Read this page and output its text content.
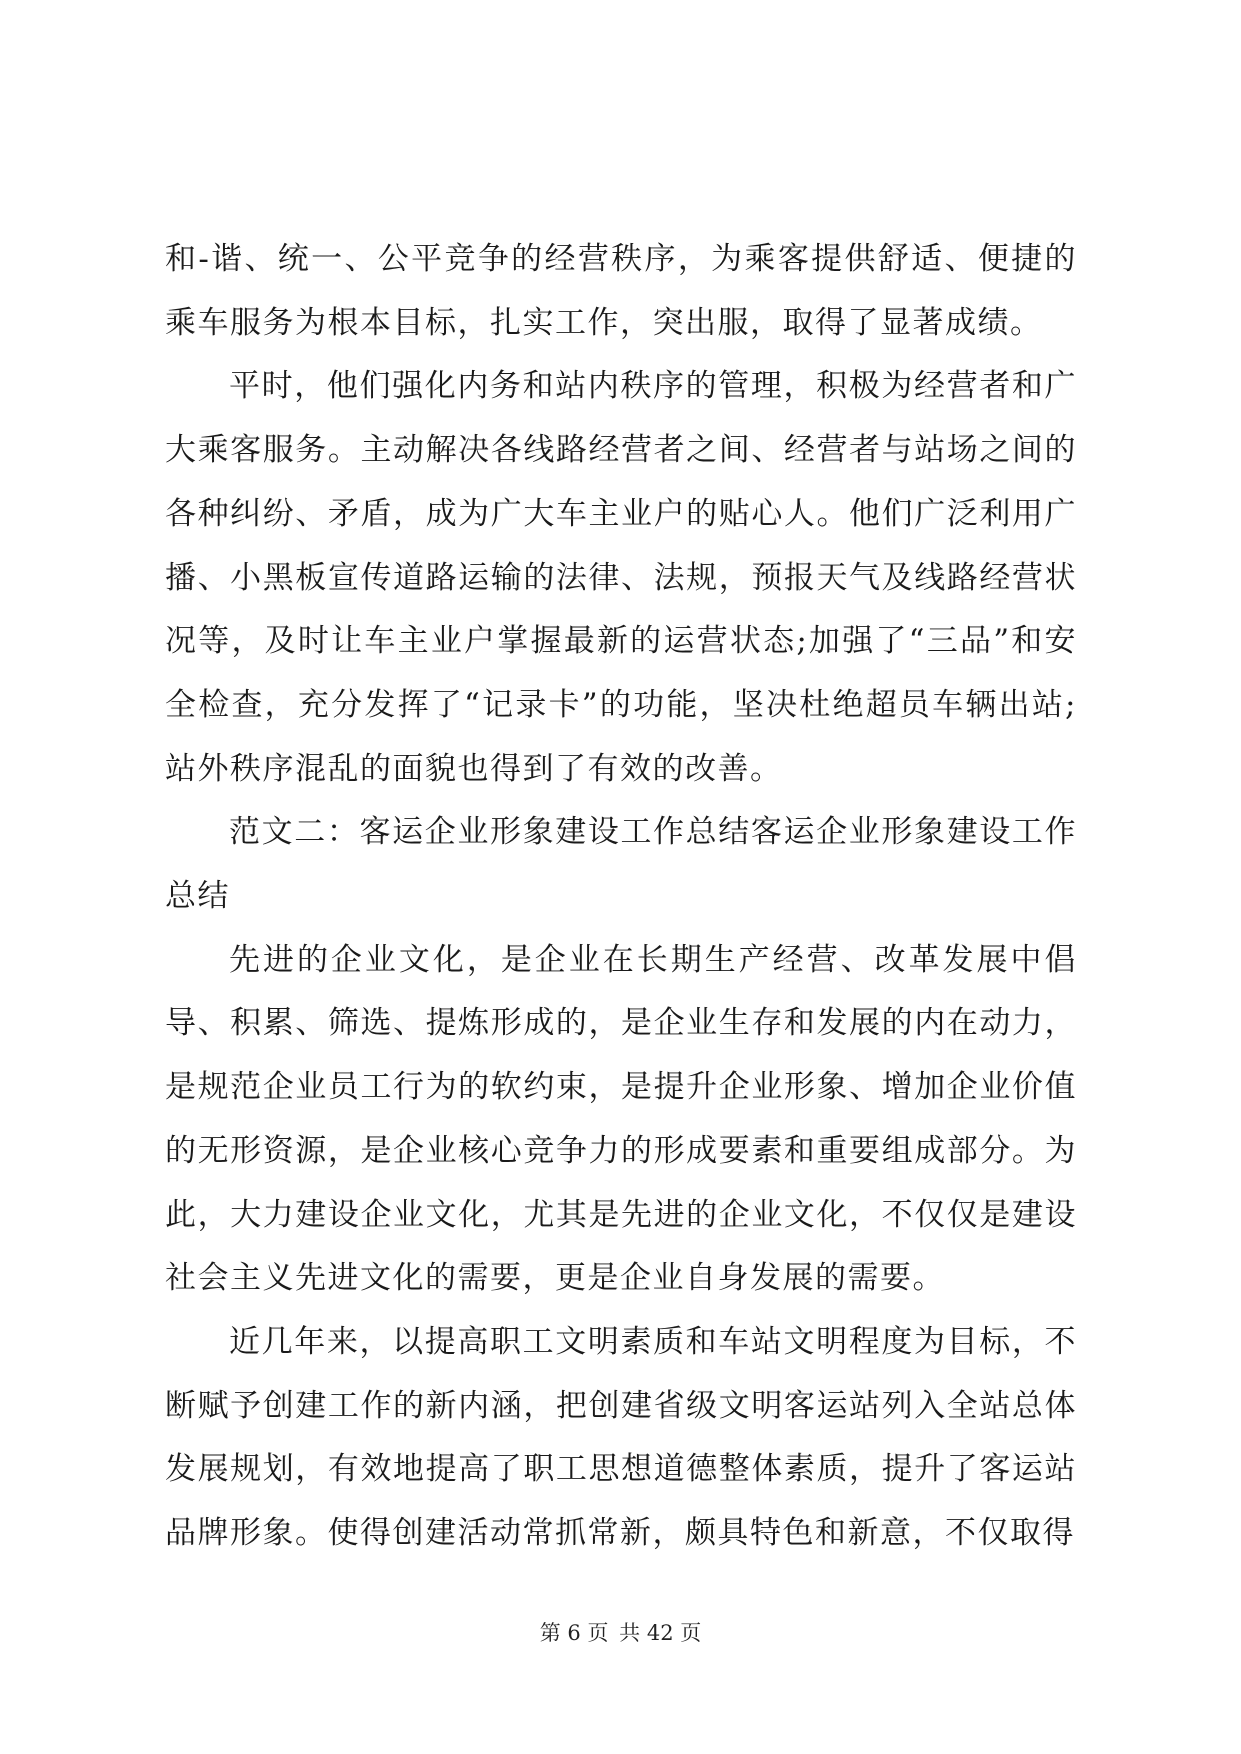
和-谐、统一、公平竞争的经营秩序，为乘客提供舒适、便捷的乘车服务为根本目标，扎实工作，突出服，取得了显著成绩。

平时，他们强化内务和站内秩序的管理，积极为经营者和广大乘客服务。主动解决各线路经营者之间、经营者与站场之间的各种纠纷、矛盾，成为广大车主业户的贴心人。他们广泛利用广播、小黑板宣传道路运输的法律、法规，预报天气及线路经营状况等，及时让车主业户掌握最新的运营状态;加强了“三品”和安全检查，充分发挥了“记录卡”的功能，坚决杜绝超员车辆出站;站外秩序混乱的面貌也得到了有效的改善。

范文二：客运企业形象建设工作总结客运企业形象建设工作总结

先进的企业文化，是企业在长期生产经营、改革发展中倡导、积累、筛选、提炼形成的，是企业生存和发展的内在动力，是规范企业员工行为的软约束，是提升企业形象、增加企业价值的无形资源，是企业核心竞争力的形成要素和重要组成部分。为此，大力建设企业文化，尤其是先进的企业文化，不仅仅是建设社会主义先进文化的需要，更是企业自身发展的需要。

近几年来，以提高职工文明素质和车站文明程度为目标，不断赋予创建工作的新内涵，把创建省级文明客运站列入全站总体发展规划，有效地提高了职工思想道德整体素质，提升了客运站品牌形象。使得创建活动常抓常新，颇具特色和新意，不仅取得

第 6 页 共 42 页
